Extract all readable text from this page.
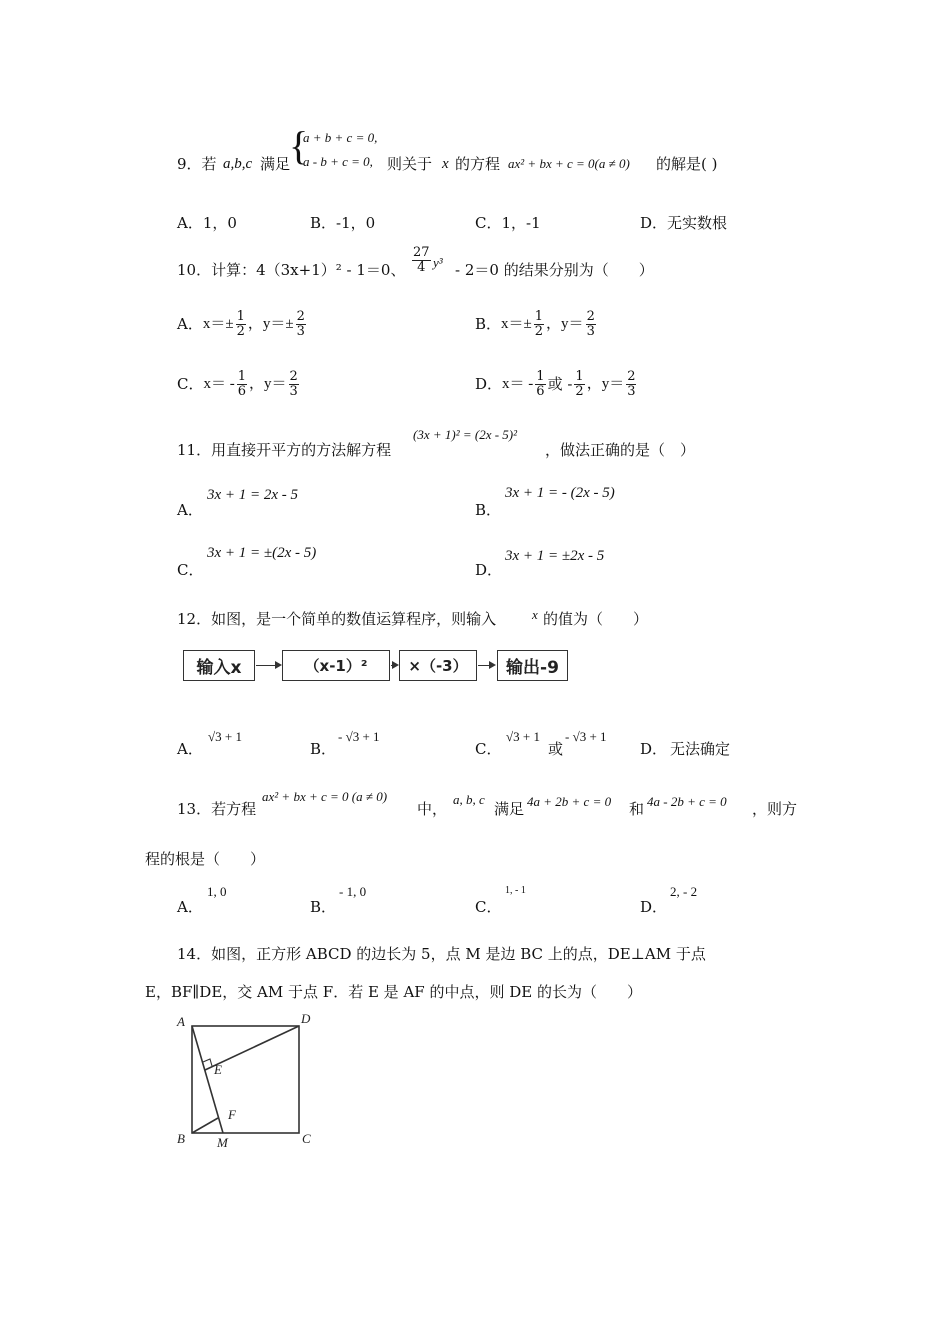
9．若 a,b,c 满足
{
a + b + c = 0,
a - b + c = 0, 则关于 x 的方程 ax² + bx + c = 0(a ≠ 0) 的解是( )
A．1，0	B．-1，0	C．1，-1	D．无实数根
10．计算：4（3x+1）² - 1＝0、 $\frac{27}{4} y^3 - 2=0$ 的结果分别为（　　）
A． $x=\pm \frac{1}{2}$ ，$y=\pm \frac{2}{3}$	B． $x=\pm \frac{1}{2}$ ，$y= \frac{2}{3}$
C． $x= - \frac{1}{6}$ ，$y= \frac{2}{3}$	D． $x= - \frac{1}{6}$ 或 - $\frac{1}{2}$ ，$y= \frac{2}{3}$
11．用直接开平方的方法解方程
(3x + 1)² = (2x - 5)²
，做法正确的是（　）
A．
3x + 1 = 2x - 5
B．
3x + 1 = - (2x - 5)
C．
3x + 1 = ±(2x - 5)
D．
3x + 1 = ±2x - 5
12．如图，是一个简单的数值运算程序，则输入	x 的值为（　　）
输入x	（x-1）²	×（-3）	输出-9
A．
√3 + 1
B．
- √3 + 1
C．
√3 + 1
或
- √3 + 1
D． 无法确定
13．若方程
ax² + bx + c = 0 (a ≠ 0)
中，
a, b, c
满足 4a + 2b + c = 0 和 4a - 2b + c = 0 ，则方
程的根是（　　）
A．
1, 0
B．
- 1, 0
C．
1, - 1
D．
2, - 2
14．如图，正方形 ABCD 的边长为 5，点 M 是边 BC 上的点，DE⊥AM 于点
E，BF∥DE，交 AM 于点 F．若 E 是 AF 的中点，则 DE 的长为（　　）
A	D
B	C
E
F
M
